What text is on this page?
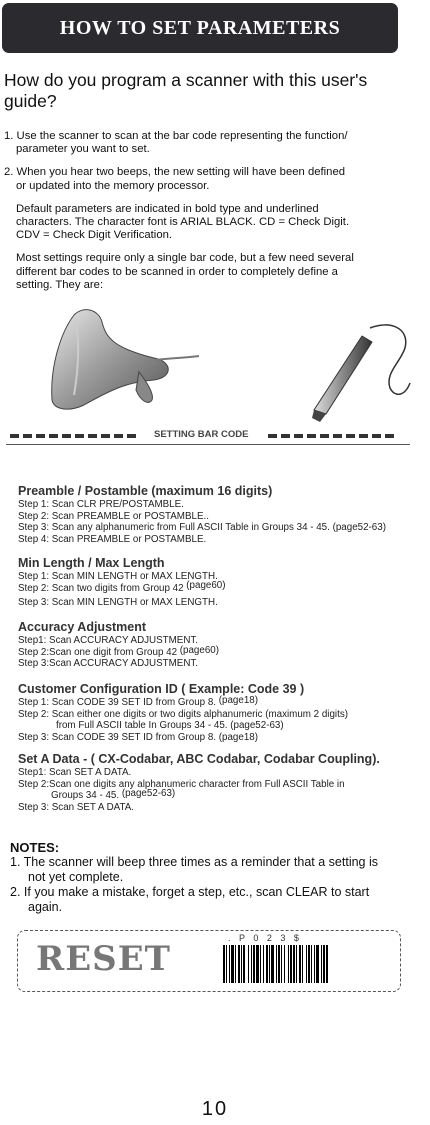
HOW TO SET PARAMETERS
How do you program a scanner with this user's guide?
1. Use the scanner to scan at the bar code representing the function/
parameter you want to set.
2. When you hear two beeps, the new setting will have been defined
or updated into the memory processor.
Default parameters are indicated in bold type and underlined
characters. The character font is ARIAL BLACK. CD = Check Digit.
CDV = Check Digit Verification.
Most settings require only a single bar code, but a few need several
different bar codes to be scanned in order to completely define a
setting. They are:
SETTING BAR CODE
Preamble / Postamble (maximum 16 digits)
Step 1: Scan CLR PRE/POSTAMBLE.
Step 2: Scan PREAMBLE or POSTAMBLE..
Step 3: Scan any alphanumeric from Full ASCII Table in Groups 34 - 45. (page52-63)
Step 4: Scan PREAMBLE or POSTAMBLE.
Min Length / Max Length
Step 1: Scan MIN LENGTH or MAX LENGTH.
Step 2: Scan two digits from Group 42 (page60)
Step 3: Scan MIN LENGTH or MAX LENGTH.
Accuracy Adjustment
Step1: Scan ACCURACY ADJUSTMENT.
Step 2:Scan one digit from Group 42 (page60)
Step 3:Scan ACCURACY ADJUSTMENT.
Customer Configuration ID ( Example: Code 39 )
Step 1: Scan CODE 39 SET ID from Group 8. (page18)
Step 2: Scan either one digits or two digits alphanumeric (maximum 2 digits)
from Full ASCII table In Groups 34 - 45. (page52-63)
Step 3: Scan CODE 39 SET ID from Group 8. (page18)
Set A Data - ( CX-Codabar, ABC Codabar, Codabar Coupling).
Step1: Scan SET A DATA.
Step 2:Scan one digits any alphanumeric character from Full ASCII Table in
Groups 34 - 45. (page52-63)
Step 3: Scan SET A DATA.
NOTES:
1. The scanner will beep three times as a reminder that a setting is
not yet complete.
2. If you make a mistake, forget a step, etc., scan CLEAR to start
again.
RESET
. P 0 2 3 $
10
